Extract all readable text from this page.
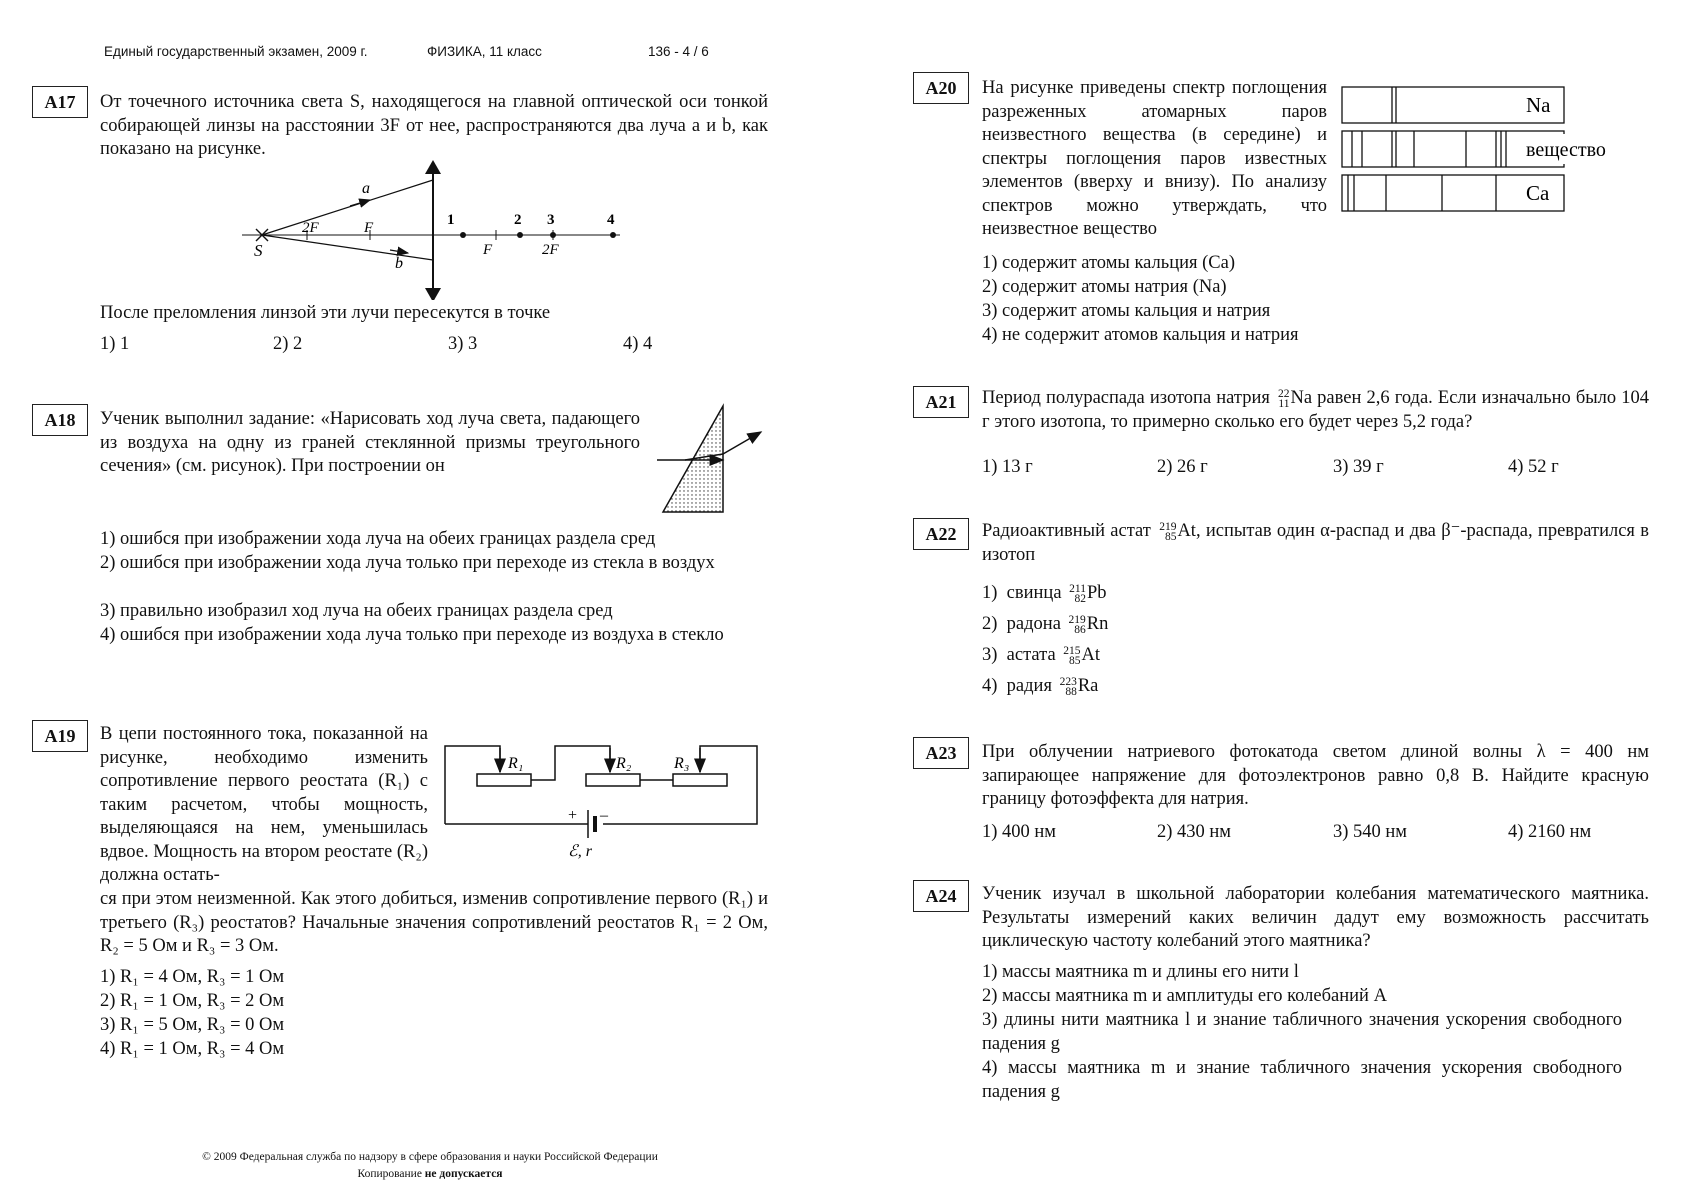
Единый государственный экзамен, 2009 г.	ФИЗИКА, 11 класс	136 - 4 / 6
А17	От точечного источника света S, находящегося на главной оптической оси тонкой собирающей линзы на расстоянии 3F от нее, распространяются два луча a и b, как показано на рисунке.
S
a
b
2F	F
F	2F
1	2 3	4
После преломления линзой эти лучи пересекутся в точке
1) 1	2) 2	3) 3	4) 4
А18	Ученик выполнил задание: «Нарисовать ход луча света, падающего из воздуха на одну из граней стеклянной призмы треугольного сечения» (см. рисунок). При построении он
1) ошибся при изображении хода луча на обеих границах раздела сред
2) ошибся при изображении хода луча только при переходе из стекла в воздух
3) правильно изобразил ход луча на обеих границах раздела сред
4) ошибся при изображении хода луча только при переходе из воздуха в стекло
А19	В цепи постоянного тока, показанной на рисунке, необходимо изменить сопротивление первого реостата (R₁) с таким расчетом, чтобы мощность, выделяющаяся на нем, уменьшилась вдвое. Мощность на втором реостате (R₂) должна остать-
R₁	R₂	R₃
+ –
ℰ, r
ся при этом неизменной. Как этого добиться, изменив сопротивление первого (R₁) и третьего (R₃) реостатов? Начальные значения сопротивлений реостатов R₁ = 2 Ом, R₂ = 5 Ом и R₃ = 3 Ом.
1) R₁ = 4 Ом, R₃ = 1 Ом
2) R₁ = 1 Ом, R₃ = 2 Ом
3) R₁ = 5 Ом, R₃ = 0 Ом
4) R₁ = 1 Ом, R₃ = 4 Ом
А20	На рисунке приведены спектр поглощения разреженных атомарных паров неизвестного вещества (в середине) и спектры поглощения паров известных элементов (вверху и внизу). По анализу спектров можно утверждать, что неизвестное вещество
Na
вещество
Ca
1) содержит атомы кальция (Ca)
2) содержит атомы натрия (Na)
3) содержит атомы кальция и натрия
4) не содержит атомов кальция и натрия
А21	Период полураспада изотопа натрия 22
11Na равен 2,6 года. Если изначально было 104 г этого изотопа, то примерно сколько его будет через 5,2 года?
1) 13 г	2) 26 г	3) 39 г	4) 52 г
А22	Радиоактивный астат 219
85At, испытав один α-распад и два β⁻-распада, превратился в изотоп
1) свинца 211
82Pb
2) радона 219
86Rn
3) астата 215
85At
4) радия 223
88Ra
А23	При облучении натриевого фотокатода светом длиной волны λ = 400 нм запирающее напряжение для фотоэлектронов равно 0,8 В. Найдите красную границу фотоэффекта для натрия.
1) 400 нм	2) 430 нм	3) 540 нм	4) 2160 нм
А24	Ученик изучал в школьной лаборатории колебания математического маятника. Результаты измерений каких величин дадут ему возможность рассчитать циклическую частоту колебаний этого маятника?
1) массы маятника m и длины его нити l
2) массы маятника m и амплитуды его колебаний A
3) длины нити маятника l и знание табличного значения ускорения свободного падения g
4) массы маятника m и знание табличного значения ускорения свободного падения g
© 2009 Федеральная служба по надзору в сфере образования и науки Российской Федерации
Копирование не допускается
